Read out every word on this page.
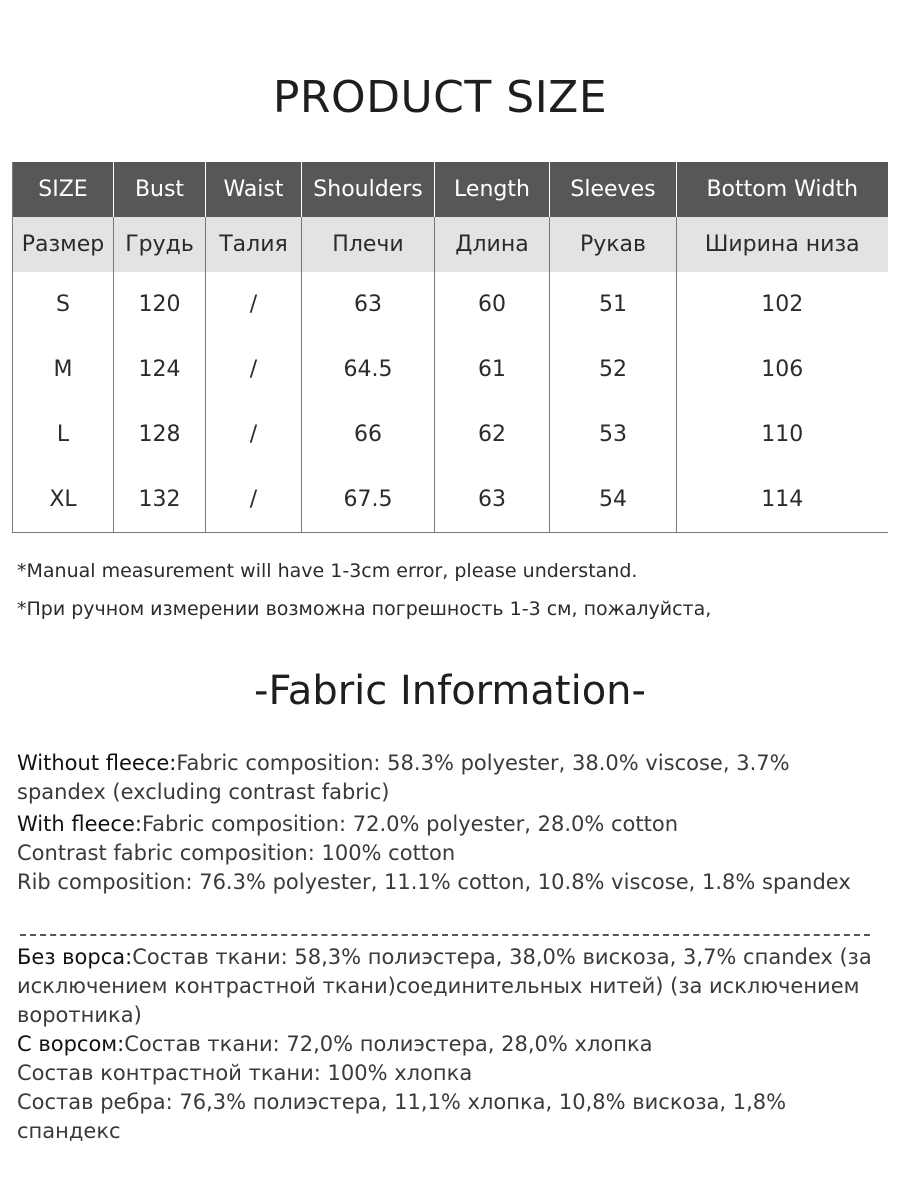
PRODUCT SIZE
SIZE	Bust	Waist	Shoulders	Length	Sleeves	Bottom Width
Размер	Грудь	Талия	Плечи	Длина	Рукав	Ширина низа
S	120	/	63	60	51	102
M	124	/	64.5	61	52	106
L	128	/	66	62	53	110
XL	132	/	67.5	63	54	114
*Manual measurement will have 1-3cm error, please understand.
*При ручном измерении возможна погрешность 1-3 см, пожалуйста,
-Fabric Information-
Without fleece:Fabric composition: 58.3% polyester, 38.0% viscose, 3.7% spandex (excluding contrast fabric)
With fleece:Fabric composition: 72.0% polyester, 28.0% cotton
Contrast fabric composition: 100% cotton
Rib composition: 76.3% polyester, 11.1% cotton, 10.8% viscose, 1.8% spandex
Без ворса:Состав ткани: 58,3% полиэстера, 38,0% вискоза, 3,7% спandex (за исключением контрастной ткани)соединительных нитей) (за исключением воротника)
С ворсом:Состав ткани: 72,0% полиэстера, 28,0% хлопка
Состав контрастной ткани: 100% хлопка
Состав ребра: 76,3% полиэстера, 11,1% хлопка, 10,8% вискоза, 1,8% спандекс
